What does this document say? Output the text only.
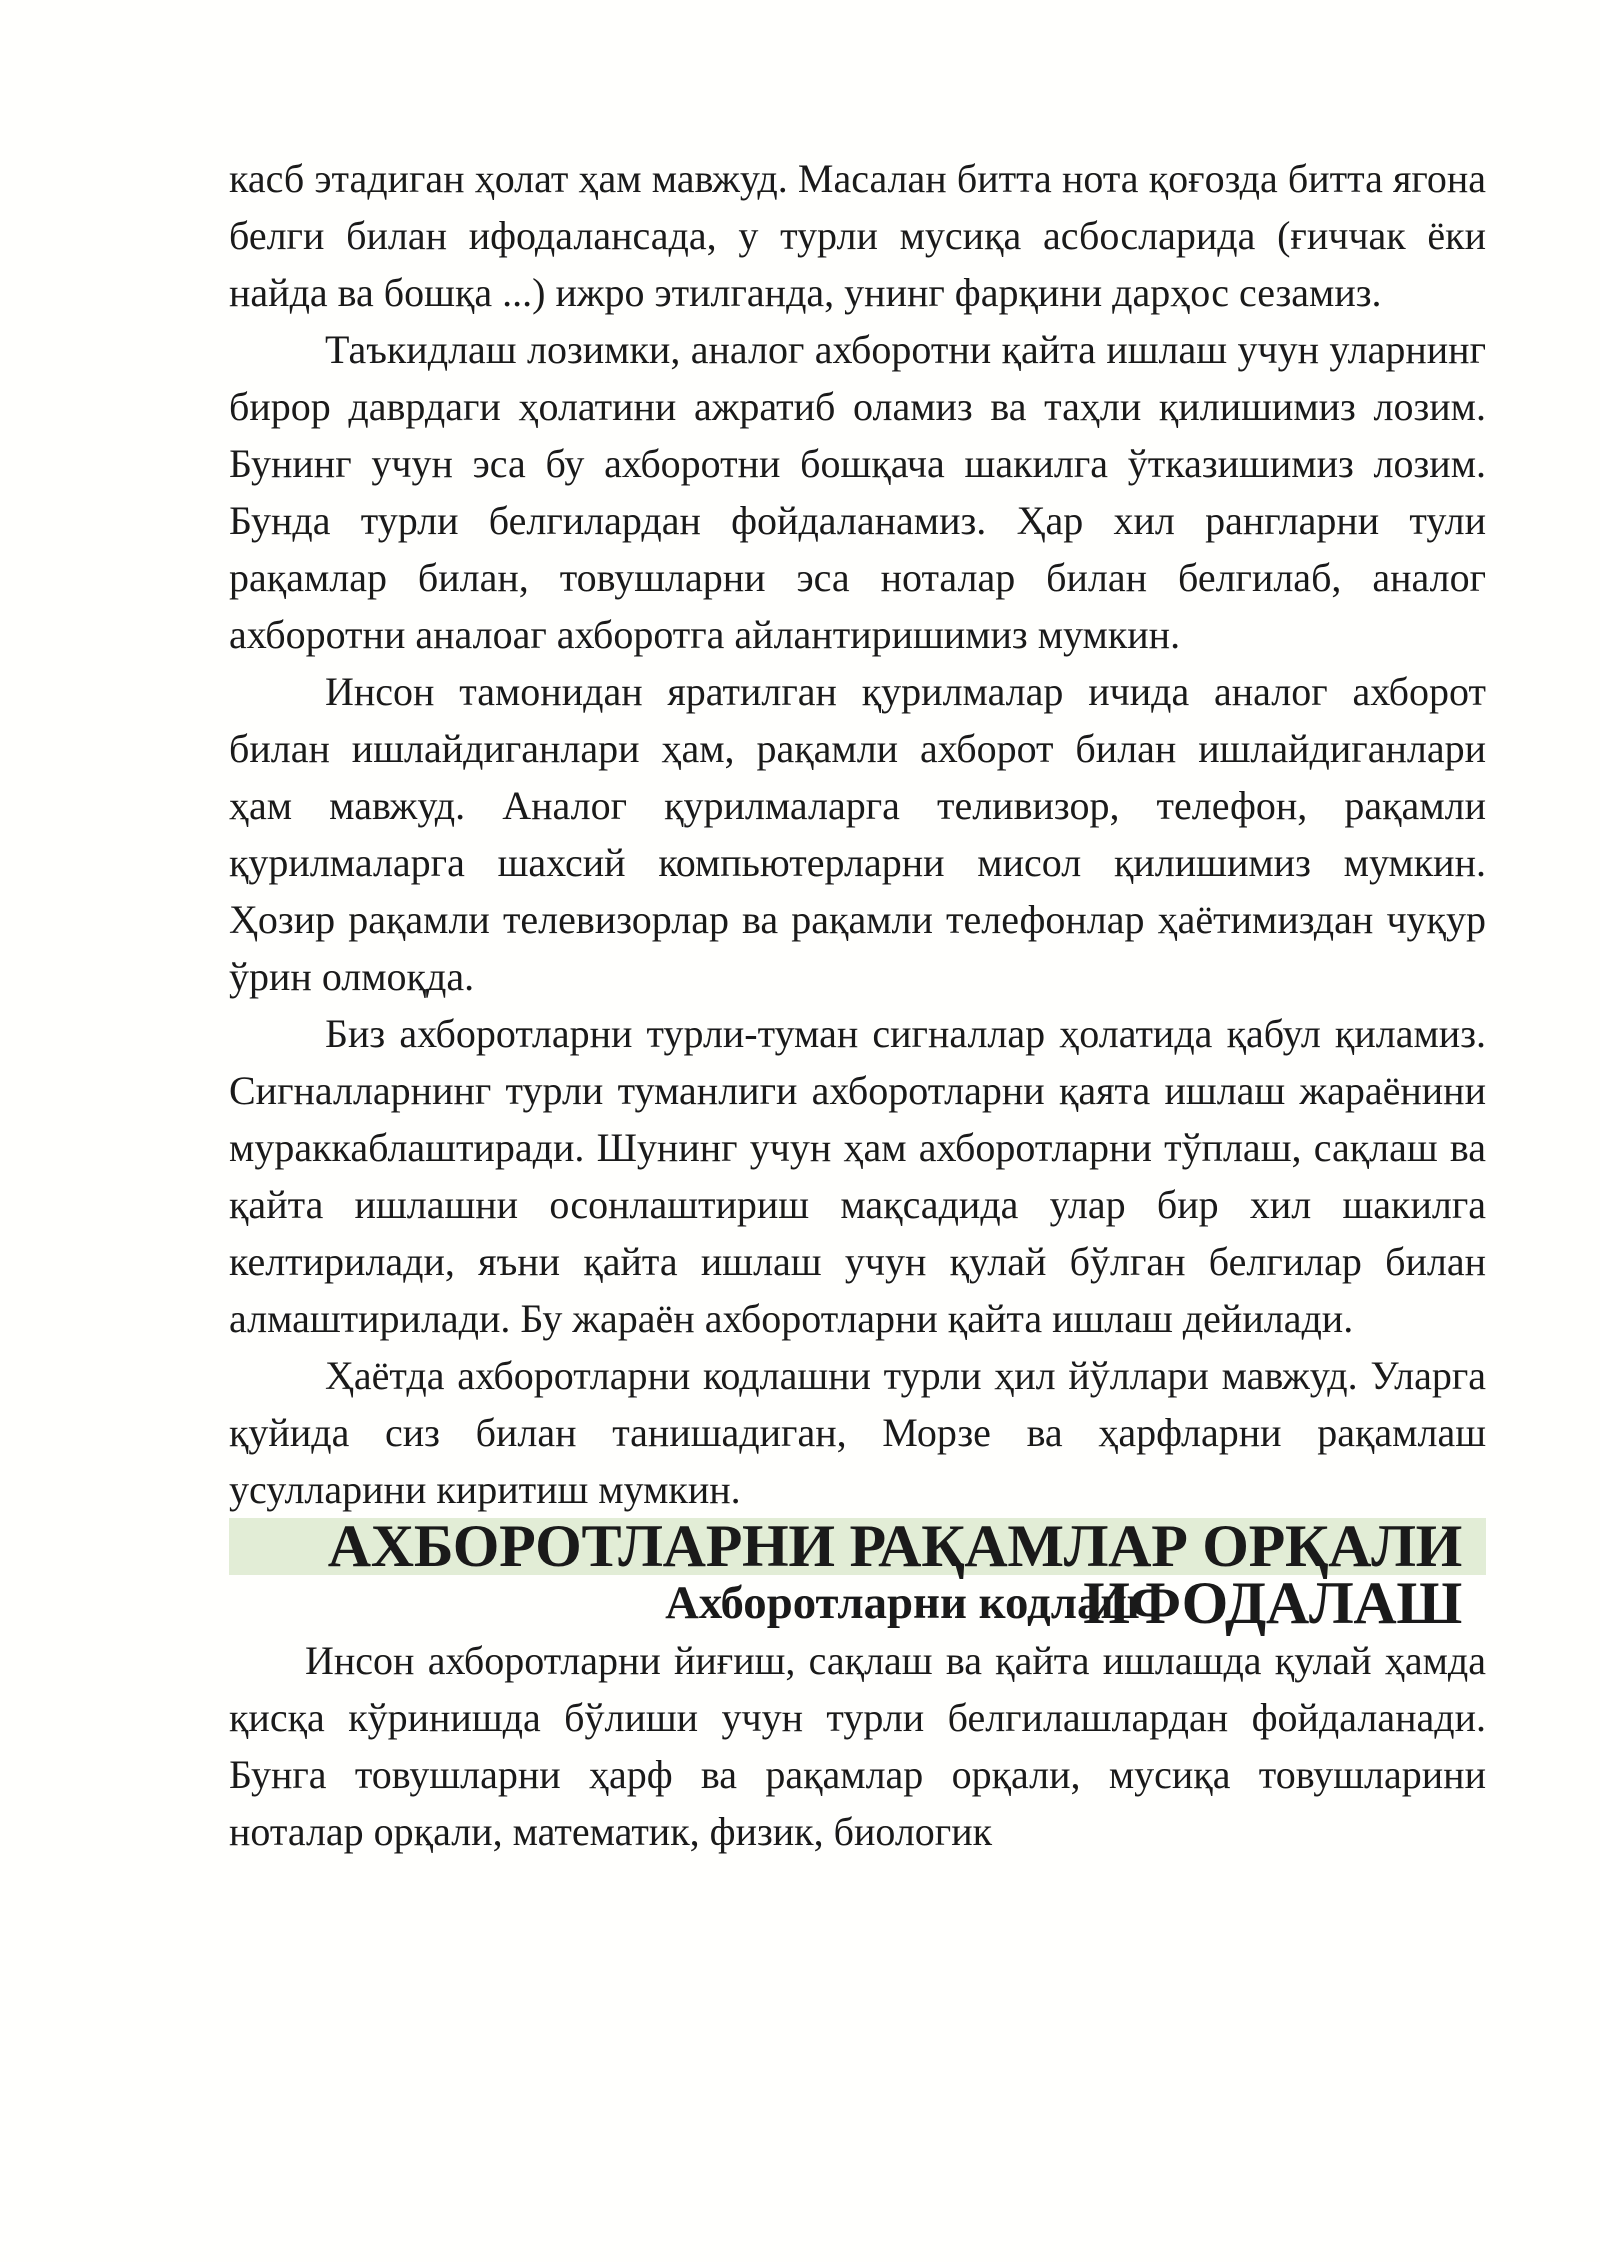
касб этадиган ҳолат ҳам мавжуд. Масалан битта нота қоғозда битта ягона белги билан ифодалансада, у турли мусиқа асбосларида (ғиччак ёки найда ва бошқа ...) ижро этилганда, унинг фарқини дарҳос сезамиз.

Таъкидлаш лозимки, аналог ахборотни қайта ишлаш учун уларнинг бирор даврдаги ҳолатини ажратиб оламиз ва таҳли қилишимиз лозим. Бунинг учун эса бу ахборотни бошқача шакилга ўтказишимиз лозим. Бунда турли белгилардан фойдаланамиз. Ҳар хил рангларни тули рақамлар билан, товушларни эса ноталар билан белгилаб, аналог ахборотни аналоаг ахборотга айлантиришимиз мумкин.

Инсон тамонидан яратилган қурилмалар ичида аналог ахборот билан ишлайдиганлари ҳам, рақамли ахборот билан ишлайдиганлари ҳам мавжуд. Аналог қурилмаларга теливизор, телефон, рақамли қурилмаларга шахсий компьютерларни мисол қилишимиз мумкин. Ҳозир рақамли телевизорлар ва рақамли телефонлар ҳаётимиздан чуқур ўрин олмоқда.

Биз ахборотларни турли-туман сигналлар ҳолатида қабул қиламиз. Сигналларнинг турли туманлиги ахборотларни қаята ишлаш жараёнини мураккаблаштиради. Шунинг учун ҳам ахборотларни тўплаш, сақлаш ва қайта ишлашни осонлаштириш мақсадида улар бир хил шакилга келтирилади, яъни қайта ишлаш учун қулай бўлган белгилар билан алмаштирилади. Бу жараён ахборотларни қайта ишлаш дейилади.

Ҳаётда ахборотларни кодлашни турли ҳил йўллари мавжуд. Уларга қуйида сиз билан танишадиган, Морзе ва ҳарфларни рақамлаш усулларини киритиш мумкин.

АХБОРОТЛАРНИ РАҚАМЛАР ОРҚАЛИ ИФОДАЛАШ
Ахборотларни кодлаш

Инсон ахборотларни йиғиш, сақлаш ва қайта ишлашда қулай ҳамда қисқа кўринишда бўлиши учун турли белгилашлардан фойдаланади. Бунга товушларни ҳарф ва рақамлар орқали, мусиқа товушларини ноталар орқали, математик, физик, биологик
